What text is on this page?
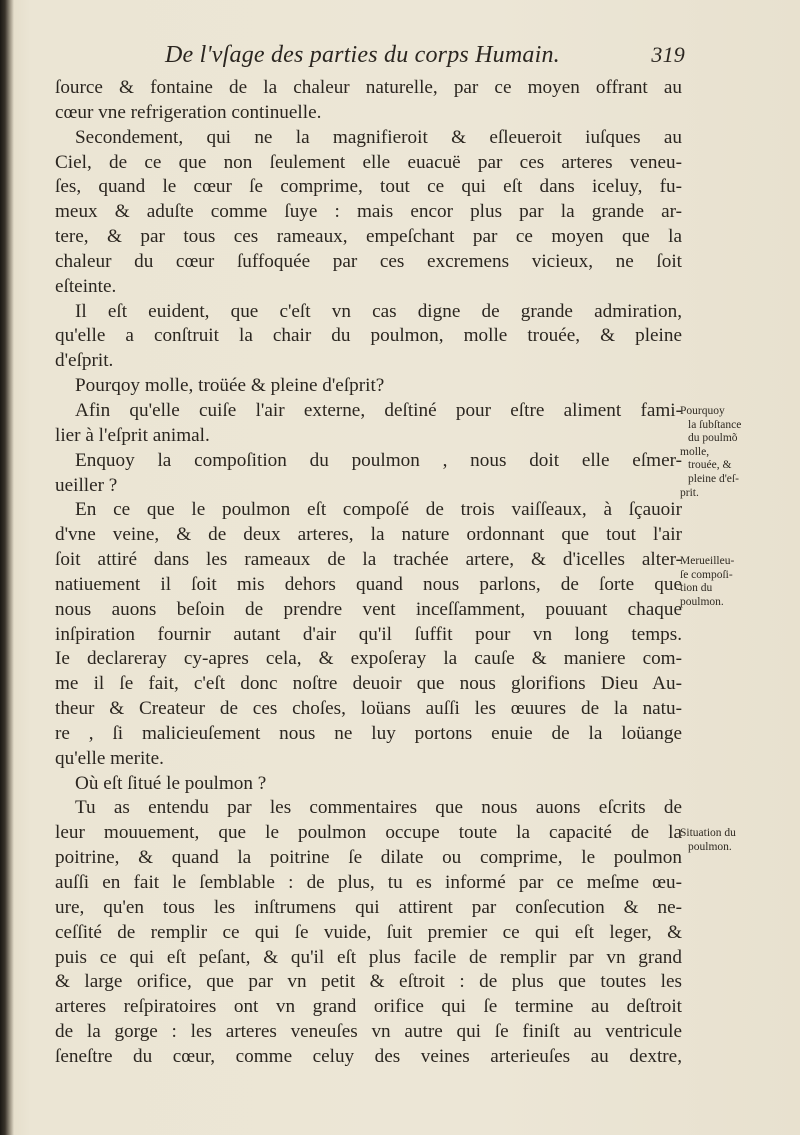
De l'vſage des parties du corps Humain.	319
ſource & fontaine de la chaleur naturelle, par ce moyen offrant au
cœur vne refrigeration continuelle.
Secondement, qui ne la magnifieroit & eſleueroit iuſques au
Ciel, de ce que non ſeulement elle euacuë par ces arteres veneu-
ſes, quand le cœur ſe comprime, tout ce qui eſt dans iceluy, fu-
meux & aduſte comme ſuye : mais encor plus par la grande ar-
tere, & par tous ces rameaux, empeſchant par ce moyen que la
chaleur du cœur ſuffoquée par ces excremens vicieux, ne ſoit
eſteinte.
Il eſt euident, que c'eſt vn cas digne de grande admiration,
qu'elle a conſtruit la chair du poulmon, molle trouée, & pleine
d'eſprit.
Pourqoy molle, troüée & pleine d'eſprit?
Afin qu'elle cuiſe l'air externe, deſtiné pour eſtre aliment fami-
lier à l'eſprit animal.
Enquoy la compoſition du poulmon , nous doit elle eſmer-
ueiller ?
En ce que le poulmon eſt compoſé de trois vaiſſeaux, à ſçauoir
d'vne veine, & de deux arteres, la nature ordonnant que tout l'air
ſoit attiré dans les rameaux de la trachée artere, & d'icelles alter-
natiuement il ſoit mis dehors quand nous parlons, de ſorte que
nous auons beſoin de prendre vent inceſſamment, pouuant chaque
inſpiration fournir autant d'air qu'il ſuffit pour vn long temps.
Ie declareray cy-apres cela, & expoſeray la cauſe & maniere com-
me il ſe fait, c'eſt donc noſtre deuoir que nous glorifions Dieu Au-
theur & Createur de ces choſes, loüans auſſi les œuures de la natu-
re , ſi malicieuſement nous ne luy portons enuie de la loüange
qu'elle merite.
Où eſt ſitué le poulmon ?
Tu as entendu par les commentaires que nous auons eſcrits de
leur mouuement, que le poulmon occupe toute la capacité de la
poitrine, & quand la poitrine ſe dilate ou comprime, le poulmon
auſſi en fait le ſemblable : de plus, tu es informé par ce meſme œu-
ure, qu'en tous les inſtrumens qui attirent par conſecution & ne-
ceſſité de remplir ce qui ſe vuide, ſuit premier ce qui eſt leger, &
puis ce qui eſt peſant, & qu'il eſt plus facile de remplir par vn grand
& large orifice, que par vn petit & eſtroit : de plus que toutes les
arteres reſpiratoires ont vn grand orifice qui ſe termine au deſtroit
de la gorge : les arteres veneuſes vn autre qui ſe finiſt au ventricule
ſeneſtre du cœur, comme celuy des veines arterieuſes au dextre,
Pourquoy
la ſubſtance
du poulmõ
molle,
trouée, &
pleine d'eſ-
prit.
Merueilleu-
ſe compoſi-
tion du
poulmon.
Situation du
poulmon.
